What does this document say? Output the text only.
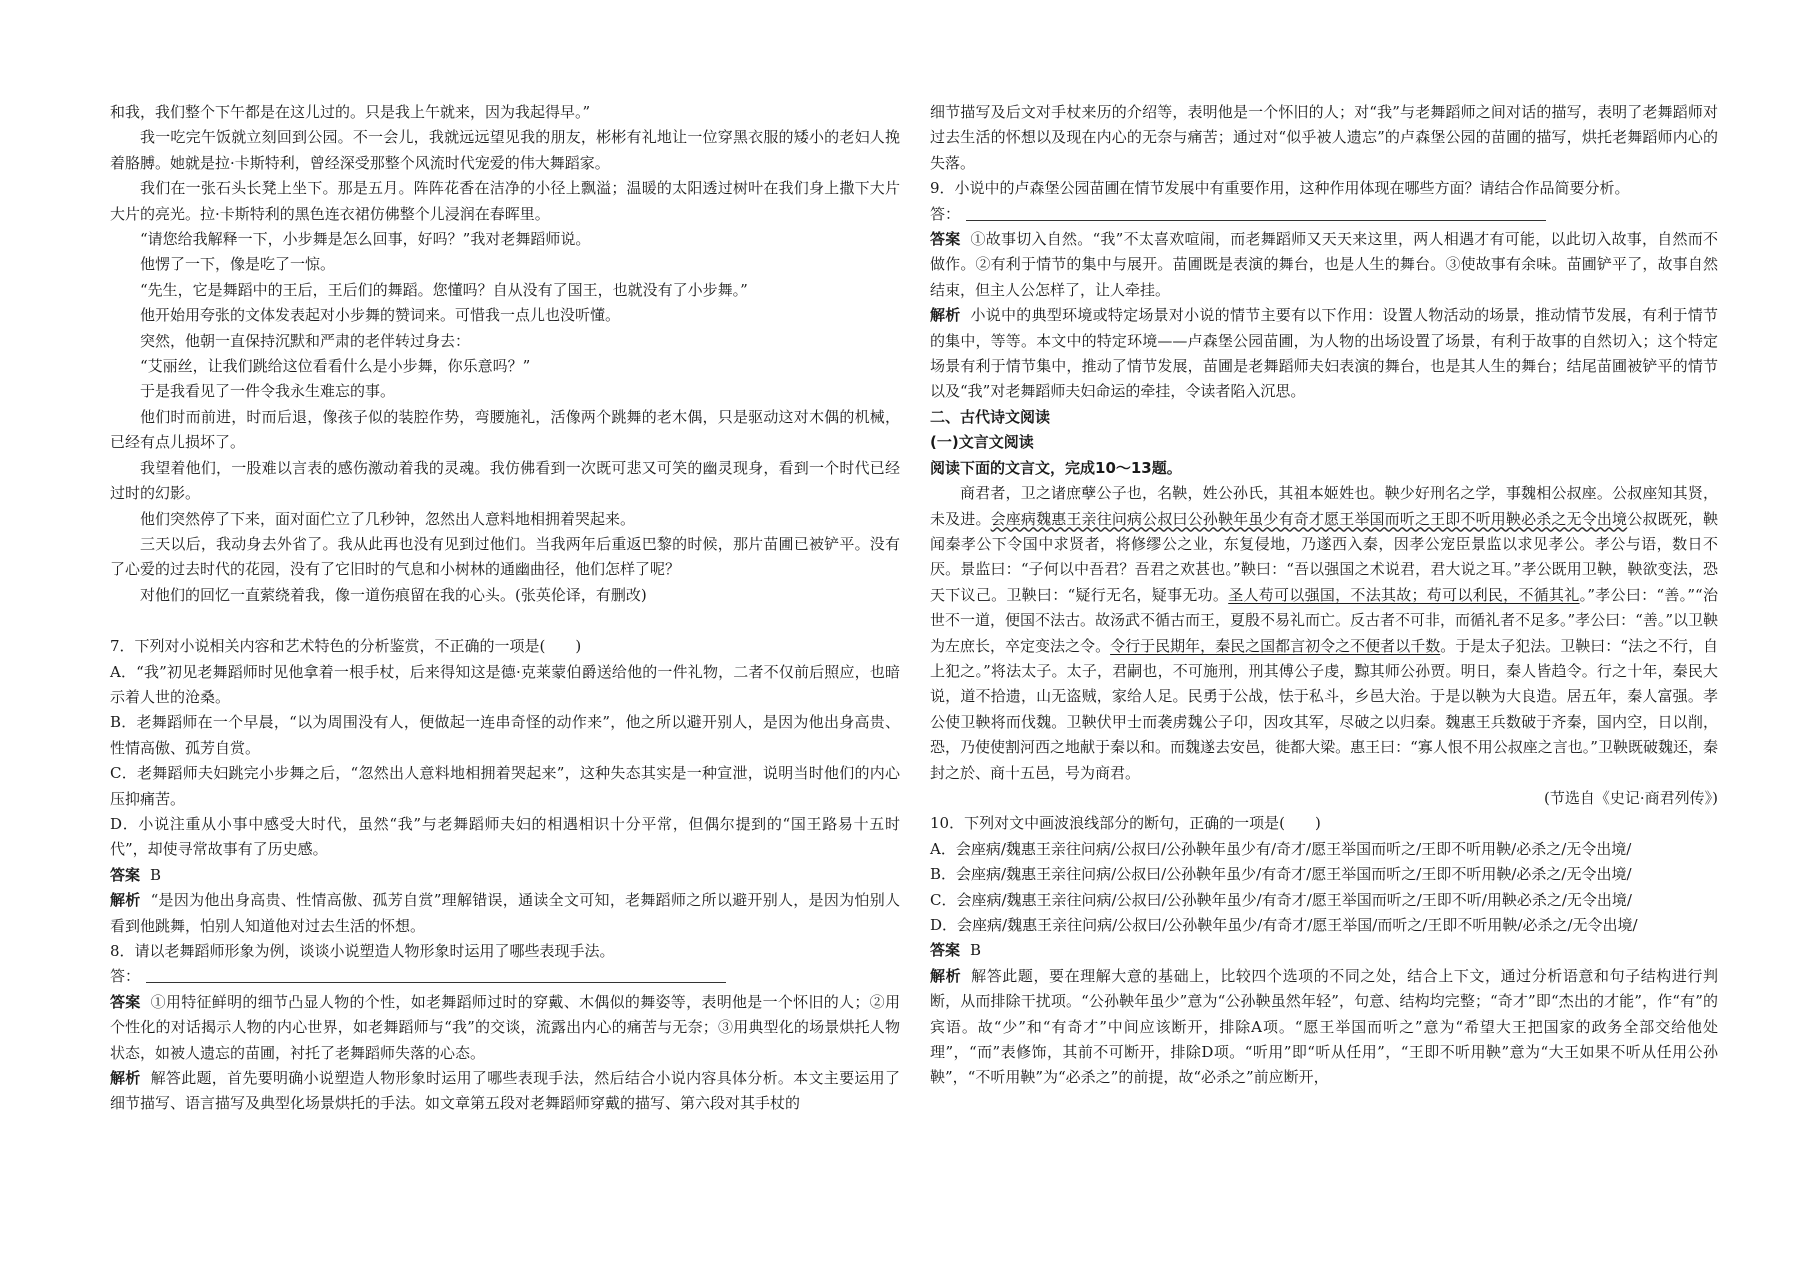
和我，我们整个下午都是在这儿过的。只是我上午就来，因为我起得早。”

我一吃完午饭就立刻回到公园。不一会儿，我就远远望见我的朋友，彬彬有礼地让一位穿黑衣服的矮小的老妇人挽着胳膊。她就是拉·卡斯特利，曾经深受那整个风流时代宠爱的伟大舞蹈家。

我们在一张石头长凳上坐下。那是五月。阵阵花香在洁净的小径上飘溢；温暖的太阳透过树叶在我们身上撒下大片大片的亮光。拉·卡斯特利的黑色连衣裙仿佛整个儿浸润在春晖里。

“请您给我解释一下，小步舞是怎么回事，好吗？”我对老舞蹈师说。

他愣了一下，像是吃了一惊。

“先生，它是舞蹈中的王后，王后们的舞蹈。您懂吗？自从没有了国王，也就没有了小步舞。”

他开始用夸张的文体发表起对小步舞的赞词来。可惜我一点儿也没听懂。

突然，他朝一直保持沉默和严肃的老伴转过身去：

“艾丽丝，让我们跳给这位看看什么是小步舞，你乐意吗？”

于是我看见了一件令我永生难忘的事。

他们时而前进，时而后退，像孩子似的装腔作势，弯腰施礼，活像两个跳舞的老木偶，只是驱动这对木偶的机械，已经有点儿损坏了。

我望着他们，一股难以言表的感伤激动着我的灵魂。我仿佛看到一次既可悲又可笑的幽灵现身，看到一个时代已经过时的幻影。

他们突然停了下来，面对面伫立了几秒钟，忽然出人意料地相拥着哭起来。

三天以后，我动身去外省了。我从此再也没有见到过他们。当我两年后重返巴黎的时候，那片苗圃已被铲平。没有了心爱的过去时代的花园，没有了它旧时的气息和小树林的通幽曲径，他们怎样了呢？

对他们的回忆一直萦绕着我，像一道伤痕留在我的心头。(张英伦译，有删改)

7．下列对小说相关内容和艺术特色的分析鉴赏，不正确的一项是(　　)

A．“我”初见老舞蹈师时见他拿着一根手杖，后来得知这是德·克莱蒙伯爵送给他的一件礼物，二者不仅前后照应，也暗示着人世的沧桑。

B．老舞蹈师在一个早晨，“以为周围没有人，便做起一连串奇怪的动作来”，他之所以避开别人，是因为他出身高贵、性情高傲、孤芳自赏。

C．老舞蹈师夫妇跳完小步舞之后，“忽然出人意料地相拥着哭起来”，这种失态其实是一种宣泄，说明当时他们的内心压抑痛苦。

D．小说注重从小事中感受大时代，虽然“我”与老舞蹈师夫妇的相遇相识十分平常，但偶尔提到的“国王路易十五时代”，却使寻常故事有了历史感。

答案 B

解析 “是因为他出身高贵、性情高傲、孤芳自赏”理解错误，通读全文可知，老舞蹈师之所以避开别人，是因为怕别人看到他跳舞，怕别人知道他对过去生活的怀想。

8．请以老舞蹈师形象为例，谈谈小说塑造人物形象时运用了哪些表现手法。

答：

答案 ①用特征鲜明的细节凸显人物的个性，如老舞蹈师过时的穿戴、木偶似的舞姿等，表明他是一个怀旧的人；②用个性化的对话揭示人物的内心世界，如老舞蹈师与“我”的交谈，流露出内心的痛苦与无奈；③用典型化的场景烘托人物状态，如被人遗忘的苗圃，衬托了老舞蹈师失落的心态。

解析 解答此题，首先要明确小说塑造人物形象时运用了哪些表现手法，然后结合小说内容具体分析。本文主要运用了细节描写、语言描写及典型化场景烘托的手法。如文章第五段对老舞蹈师穿戴的描写、第六段对其手杖的

细节描写及后文对手杖来历的介绍等，表明他是一个怀旧的人；对“我”与老舞蹈师之间对话的描写，表明了老舞蹈师对过去生活的怀想以及现在内心的无奈与痛苦；通过对“似乎被人遗忘”的卢森堡公园的苗圃的描写，烘托老舞蹈师内心的失落。

9．小说中的卢森堡公园苗圃在情节发展中有重要作用，这种作用体现在哪些方面？请结合作品简要分析。

答：

答案 ①故事切入自然。“我”不太喜欢喧闹，而老舞蹈师又天天来这里，两人相遇才有可能，以此切入故事，自然而不做作。②有利于情节的集中与展开。苗圃既是表演的舞台，也是人生的舞台。③使故事有余味。苗圃铲平了，故事自然结束，但主人公怎样了，让人牵挂。

解析 小说中的典型环境或特定场景对小说的情节主要有以下作用：设置人物活动的场景，推动情节发展，有利于情节的集中，等等。本文中的特定环境——卢森堡公园苗圃，为人物的出场设置了场景，有利于故事的自然切入；这个特定场景有利于情节集中，推动了情节发展，苗圃是老舞蹈师夫妇表演的舞台，也是其人生的舞台；结尾苗圃被铲平的情节以及“我”对老舞蹈师夫妇命运的牵挂，令读者陷入沉思。

二、古代诗文阅读

(一)文言文阅读

阅读下面的文言文，完成10～13题。

商君者，卫之诸庶孽公子也，名鞅，姓公孙氏，其祖本姬姓也。鞅少好刑名之学，事魏相公叔座。公叔座知其贤，未及进。会座病魏惠王亲往问病公叔曰公孙鞅年虽少有奇才愿王举国而听之王即不听用鞅必杀之无令出境公叔既死，鞅闻秦孝公下令国中求贤者，将修缪公之业，东复侵地，乃遂西入秦，因孝公宠臣景监以求见孝公。孝公与语，数日不厌。景监曰：“子何以中吾君？吾君之欢甚也。”鞅曰：“吾以强国之术说君，君大说之耳。”孝公既用卫鞅，鞅欲变法，恐天下议己。卫鞅曰：“疑行无名，疑事无功。圣人苟可以强国，不法其故；苟可以利民，不循其礼。”孝公曰：“善。”“治世不一道，便国不法古。故汤武不循古而王，夏殷不易礼而亡。反古者不可非，而循礼者不足多。”孝公曰：“善。”以卫鞅为左庶长，卒定变法之令。令行于民期年，秦民之国都言初令之不便者以千数。于是太子犯法。卫鞅曰：“法之不行，自上犯之。”将法太子。太子，君嗣也，不可施刑，刑其傅公子虔，黥其师公孙贾。明日，秦人皆趋令。行之十年，秦民大说，道不拾遗，山无盗贼，家给人足。民勇于公战，怯于私斗，乡邑大治。于是以鞅为大良造。居五年，秦人富强。孝公使卫鞅将而伐魏。卫鞅伏甲士而袭虏魏公子卬，因攻其军，尽破之以归秦。魏惠王兵数破于齐秦，国内空，日以削，恐，乃使使割河西之地献于秦以和。而魏遂去安邑，徙都大梁。惠王曰：“寡人恨不用公叔座之言也。”卫鞅既破魏还，秦封之於、商十五邑，号为商君。

(节选自《史记·商君列传》)

10．下列对文中画波浪线部分的断句，正确的一项是(　　)

A．会座病/魏惠王亲往问病/公叔曰/公孙鞅年虽少有/奇才/愿王举国而听之/王即不听用鞅/必杀之/无令出境/

B．会座病/魏惠王亲往问病/公叔曰/公孙鞅年虽少/有奇才/愿王举国而听之/王即不听用鞅/必杀之/无令出境/

C．会座病/魏惠王亲往问病/公叔曰/公孙鞅年虽少/有奇才/愿王举国而听之/王即不听/用鞅必杀之/无令出境/

D．会座病/魏惠王亲往问病/公叔曰/公孙鞅年虽少/有奇才/愿王举国/而听之/王即不听用鞅/必杀之/无令出境/

答案 B

解析 解答此题，要在理解大意的基础上，比较四个选项的不同之处，结合上下文，通过分析语意和句子结构进行判断，从而排除干扰项。“公孙鞅年虽少”意为“公孙鞅虽然年轻”，句意、结构均完整；“奇才”即“杰出的才能”，作“有”的宾语。故“少”和“有奇才”中间应该断开，排除A项。“愿王举国而听之”意为“希望大王把国家的政务全部交给他处理”，“而”表修饰，其前不可断开，排除D项。“听用”即“听从任用”，“王即不听用鞅”意为“大王如果不听从任用公孙鞅”，“不听用鞅”为“必杀之”的前提，故“必杀之”前应断开，
